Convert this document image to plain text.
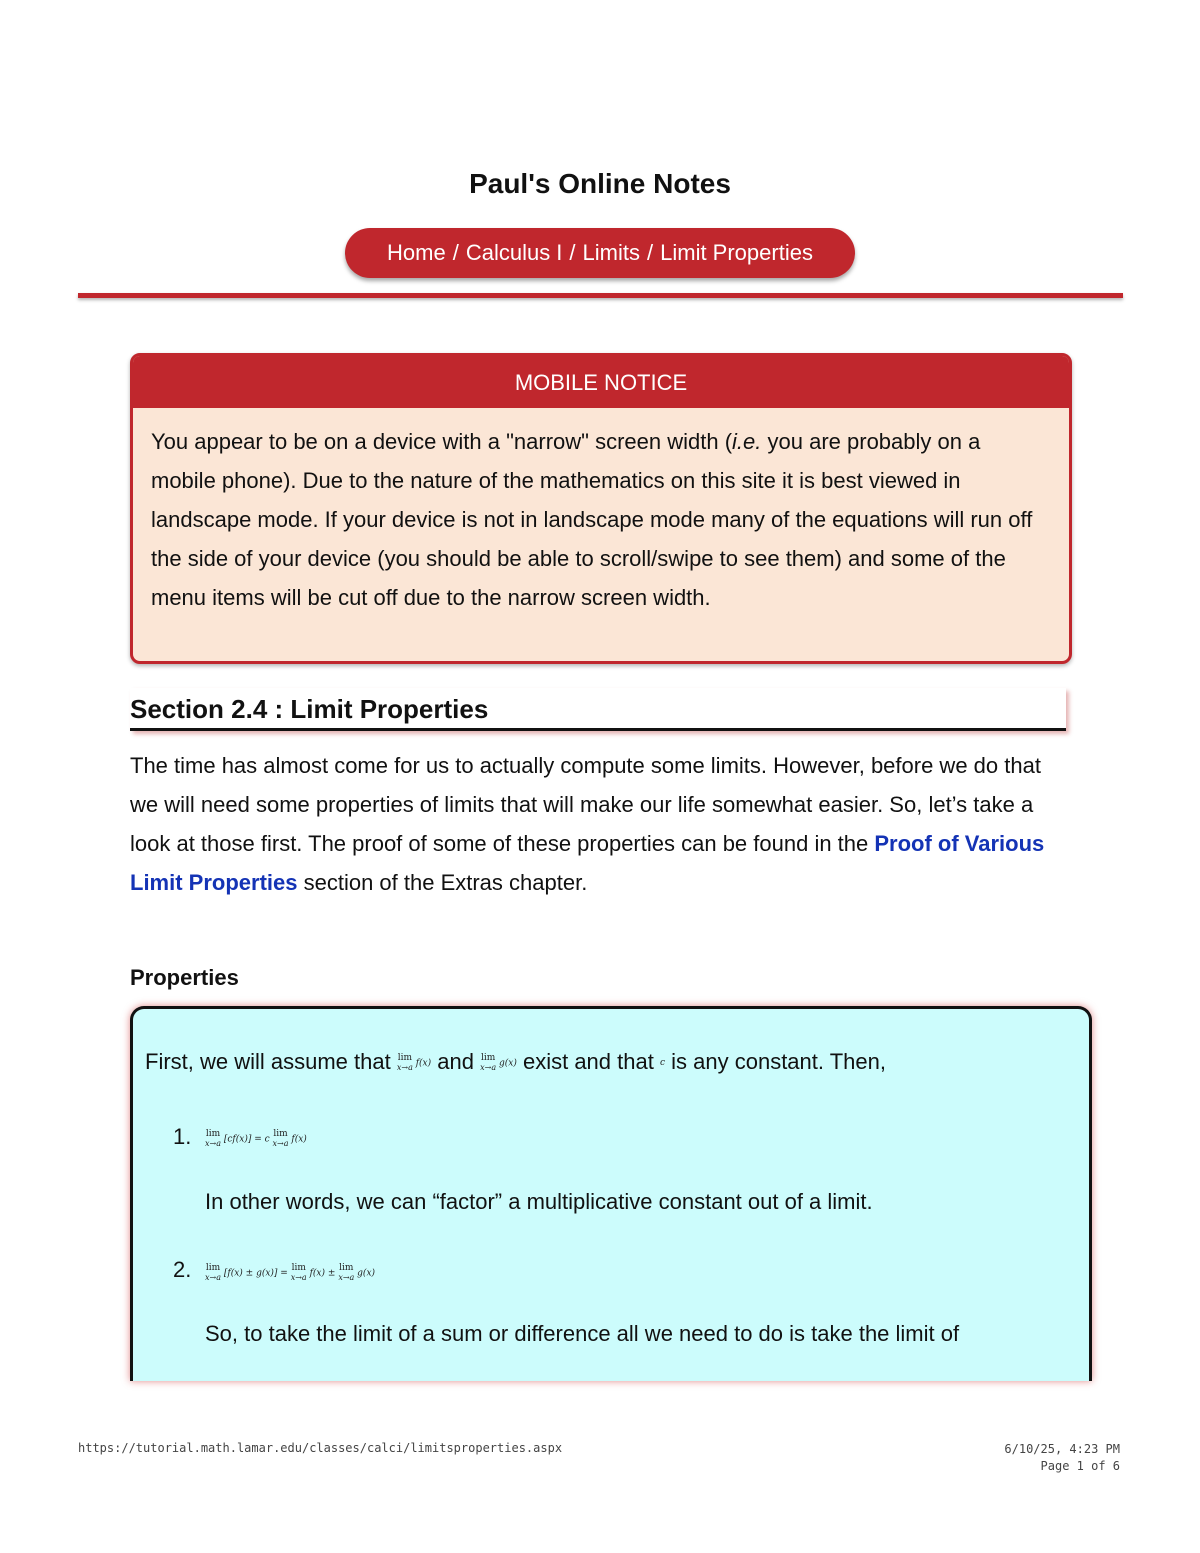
Paul's Online Notes
Home / Calculus I / Limits / Limit Properties
MOBILE NOTICE
You appear to be on a device with a "narrow" screen width (i.e. you are probably on a mobile phone). Due to the nature of the mathematics on this site it is best viewed in landscape mode. If your device is not in landscape mode many of the equations will run off the side of your device (you should be able to scroll/swipe to see them) and some of the menu items will be cut off due to the narrow screen width.
Section 2.4 : Limit Properties
The time has almost come for us to actually compute some limits. However, before we do that we will need some properties of limits that will make our life somewhat easier. So, let’s take a look at those first. The proof of some of these properties can be found in the Proof of Various Limit Properties section of the Extras chapter.
Properties
First, we will assume that lim
x→a f(x) and lim
x→a g(x) exist and that c is any constant. Then,
1. lim
x→a [cf(x)] = c
lim
x→a f(x)
In other words, we can “factor” a multiplicative constant out of a limit.
2. lim
x→a [f(x) ± g(x)] =
lim
x→a f(x) ±
lim
x→a g(x)
So, to take the limit of a sum or difference all we need to do is take the limit of
https://tutorial.math.lamar.edu/classes/calci/limitsproperties.aspx	6/10/25, 4:23 PM
Page 1 of 6
